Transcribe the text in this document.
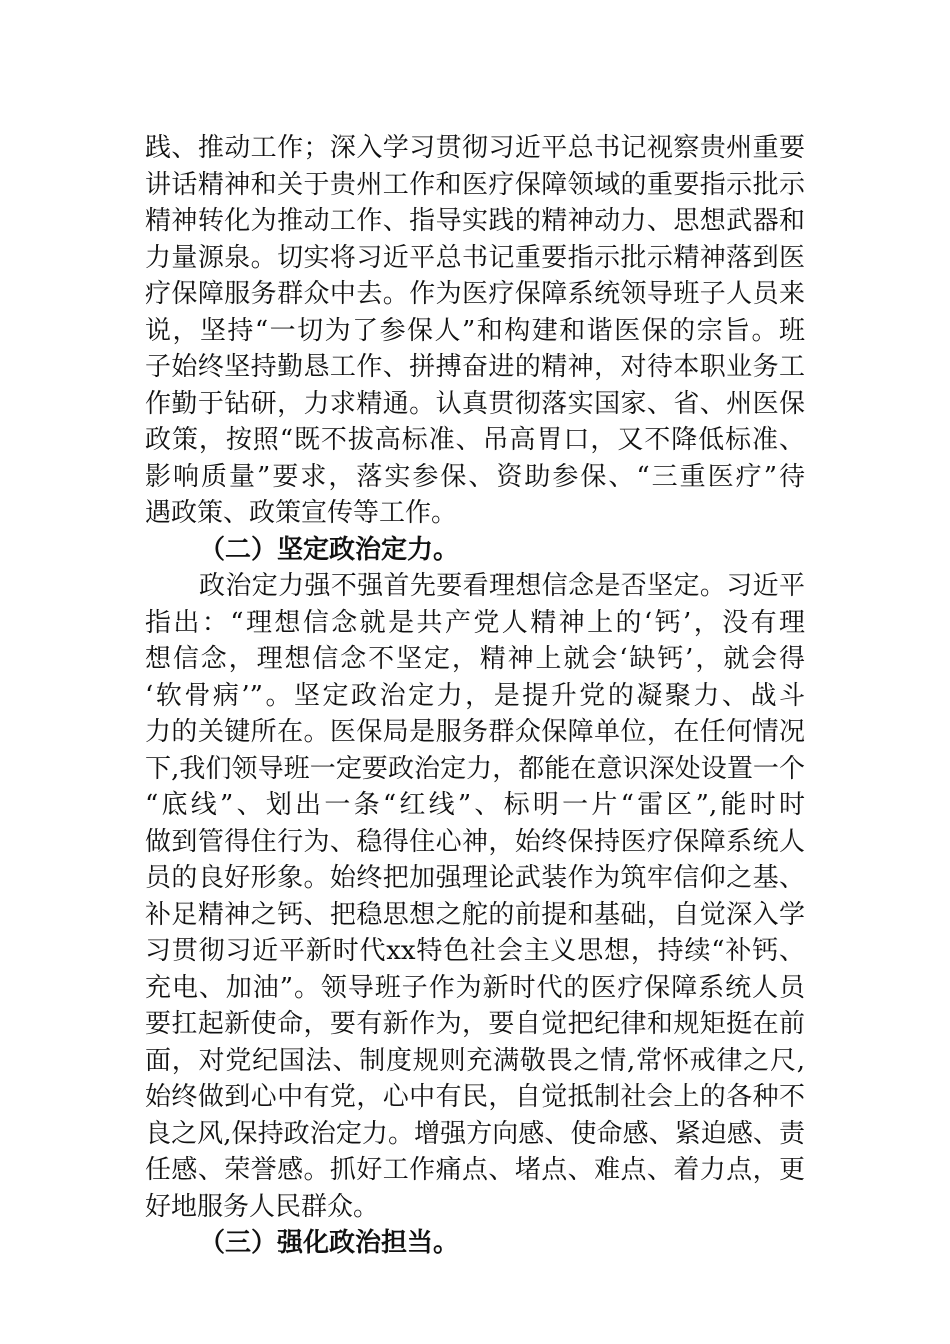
践、推动工作；深入学习贯彻习近平总书记视察贵州重要
讲话精神和关于贵州工作和医疗保障领域的重要指示批示
精神转化为推动工作、指导实践的精神动力、思想武器和
力量源泉。切实将习近平总书记重要指示批示精神落到医
疗保障服务群众中去。作为医疗保障系统领导班子人员来
说，坚持“一切为了参保人”和构建和谐医保的宗旨。班
子始终坚持勤恳工作、拼搏奋进的精神，对待本职业务工
作勤于钻研，力求精通。认真贯彻落实国家、省、州医保
政策，按照“既不拔高标准、吊高胃口，又不降低标准、
影响质量”要求，落实参保、资助参保、“三重医疗”待
遇政策、政策宣传等工作。
（二）坚定政治定力。
政治定力强不强首先要看理想信念是否坚定。习近平
指出：“理想信念就是共产党人精神上的‘钙’，没有理
想信念，理想信念不坚定，精神上就会‘缺钙’，就会得
‘软骨病’”。坚定政治定力，是提升党的凝聚力、战斗
力的关键所在。医保局是服务群众保障单位，在任何情况
下,我们领导班一定要政治定力，都能在意识深处设置一个
“底线”、划出一条“红线”、标明一片“雷区”,能时时
做到管得住行为、稳得住心神，始终保持医疗保障系统人
员的良好形象。始终把加强理论武装作为筑牢信仰之基、
补足精神之钙、把稳思想之舵的前提和基础，自觉深入学
习贯彻习近平新时代xx特色社会主义思想，持续“补钙、
充电、加油”。领导班子作为新时代的医疗保障系统人员
要扛起新使命，要有新作为，要自觉把纪律和规矩挺在前
面，对党纪国法、制度规则充满敬畏之情,常怀戒律之尺,
始终做到心中有党，心中有民，自觉抵制社会上的各种不
良之风,保持政治定力。增强方向感、使命感、紧迫感、责
任感、荣誉感。抓好工作痛点、堵点、难点、着力点，更
好地服务人民群众。
（三）强化政治担当。
